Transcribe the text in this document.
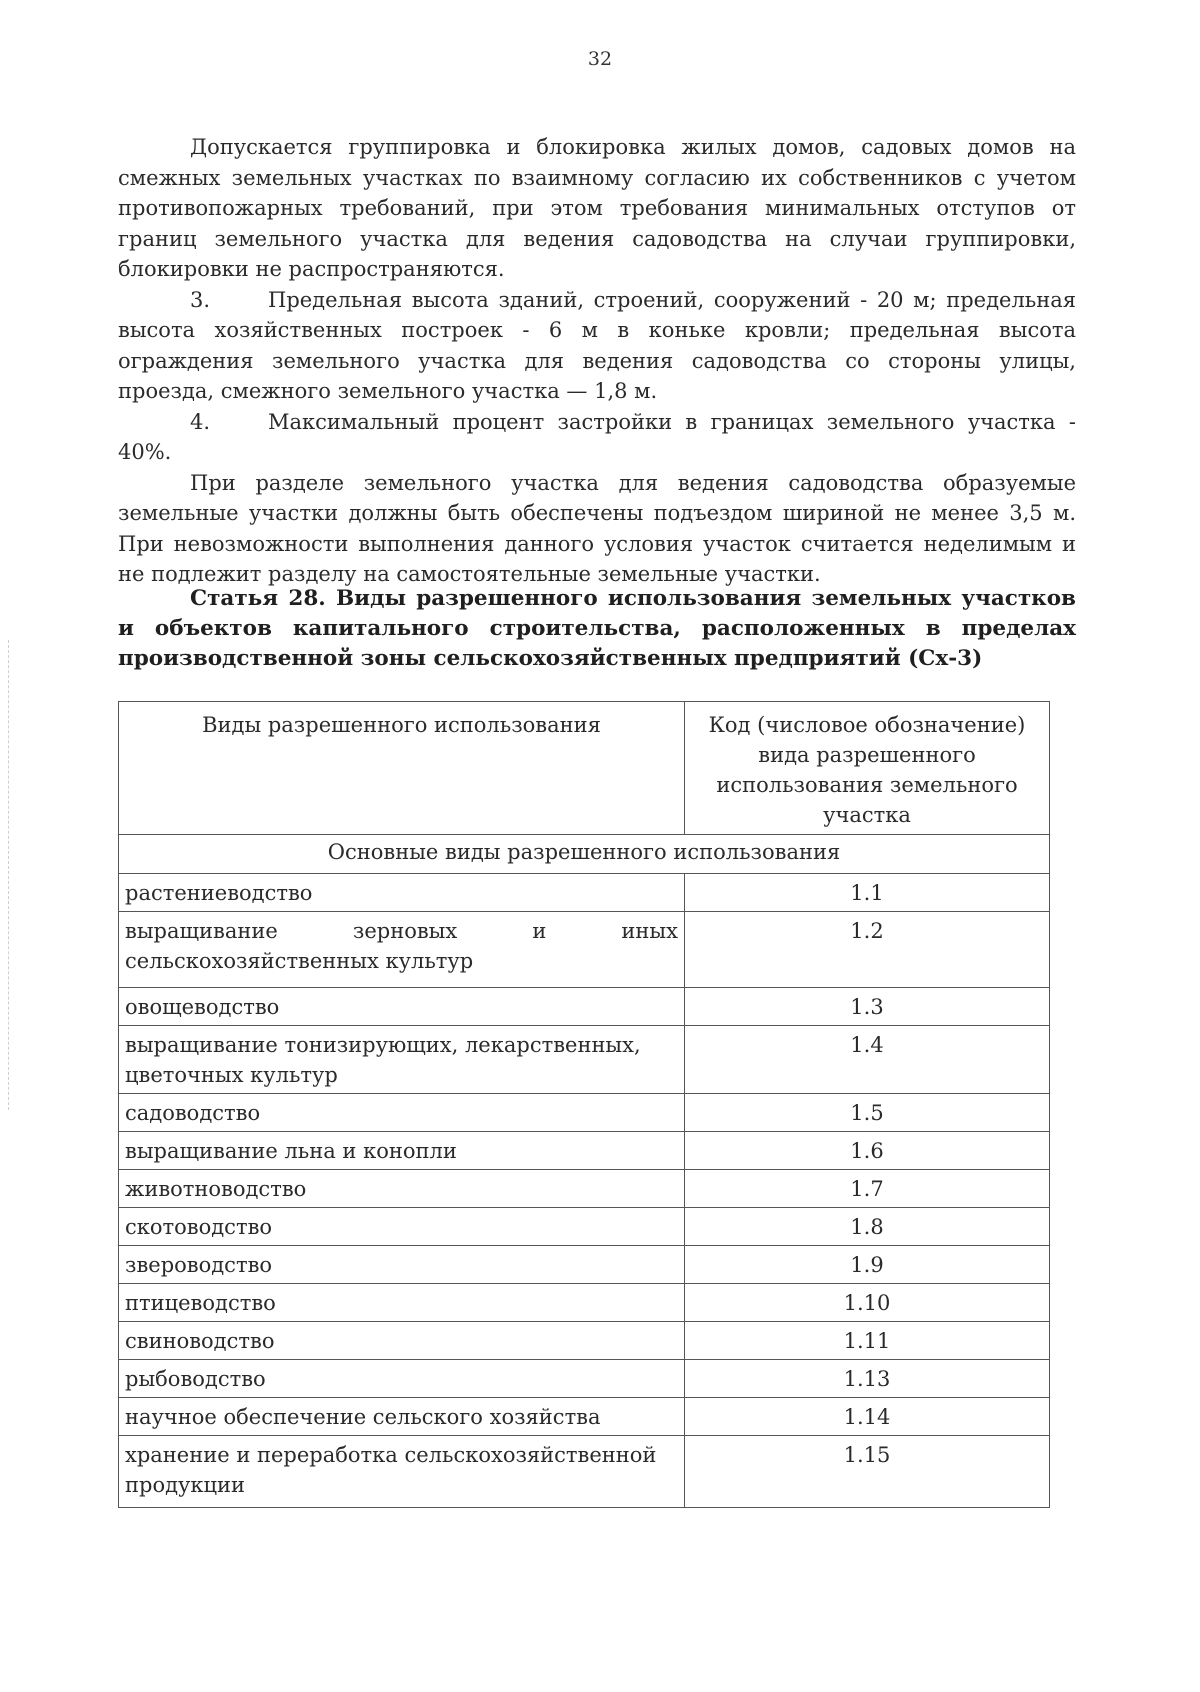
32

Допускается группировка и блокировка жилых домов, садовых домов на смежных земельных участках по взаимному согласию их собственников с учетом противопожарных требований, при этом требования минимальных отступов от границ земельного участка для ведения садоводства на случаи группировки, блокировки не распространяются.

3.	Предельная высота зданий, строений, сооружений - 20 м; предельная высота хозяйственных построек - 6 м в коньке кровли; предельная высота ограждения земельного участка для ведения садоводства со стороны улицы, проезда, смежного земельного участка — 1,8 м.

4.	Максимальный процент застройки в границах земельного участка - 40%.

При разделе земельного участка для ведения садоводства образуемые земельные участки должны быть обеспечены подъездом шириной не менее 3,5 м. При невозможности выполнения данного условия участок считается неделимым и не подлежит разделу на самостоятельные земельные участки.

Статья 28. Виды разрешенного использования земельных участков и объектов капитального строительства, расположенных в пределах производственной зоны сельскохозяйственных предприятий (Сх-3)
Виды разрешенного использования	Код (числовое обозначение) вида разрешенного использования земельного участка
Основные виды разрешенного использования	

растениеводство	1.1

выращивание зерновых и иных
сельскохозяйственных культур	1.2

овощеводство	1.3

выращивание тонизирующих, лекарственных, цветочных культур	1.4

садоводство	1.5

выращивание льна и конопли	1.6

животноводство	1.7

скотоводство	1.8

звероводство	1.9

птицеводство	1.10

свиноводство	1.11

рыбоводство	1.13

научное обеспечение сельского хозяйства	1.14

хранение и переработка сельскохозяйственной продукции	1.15
